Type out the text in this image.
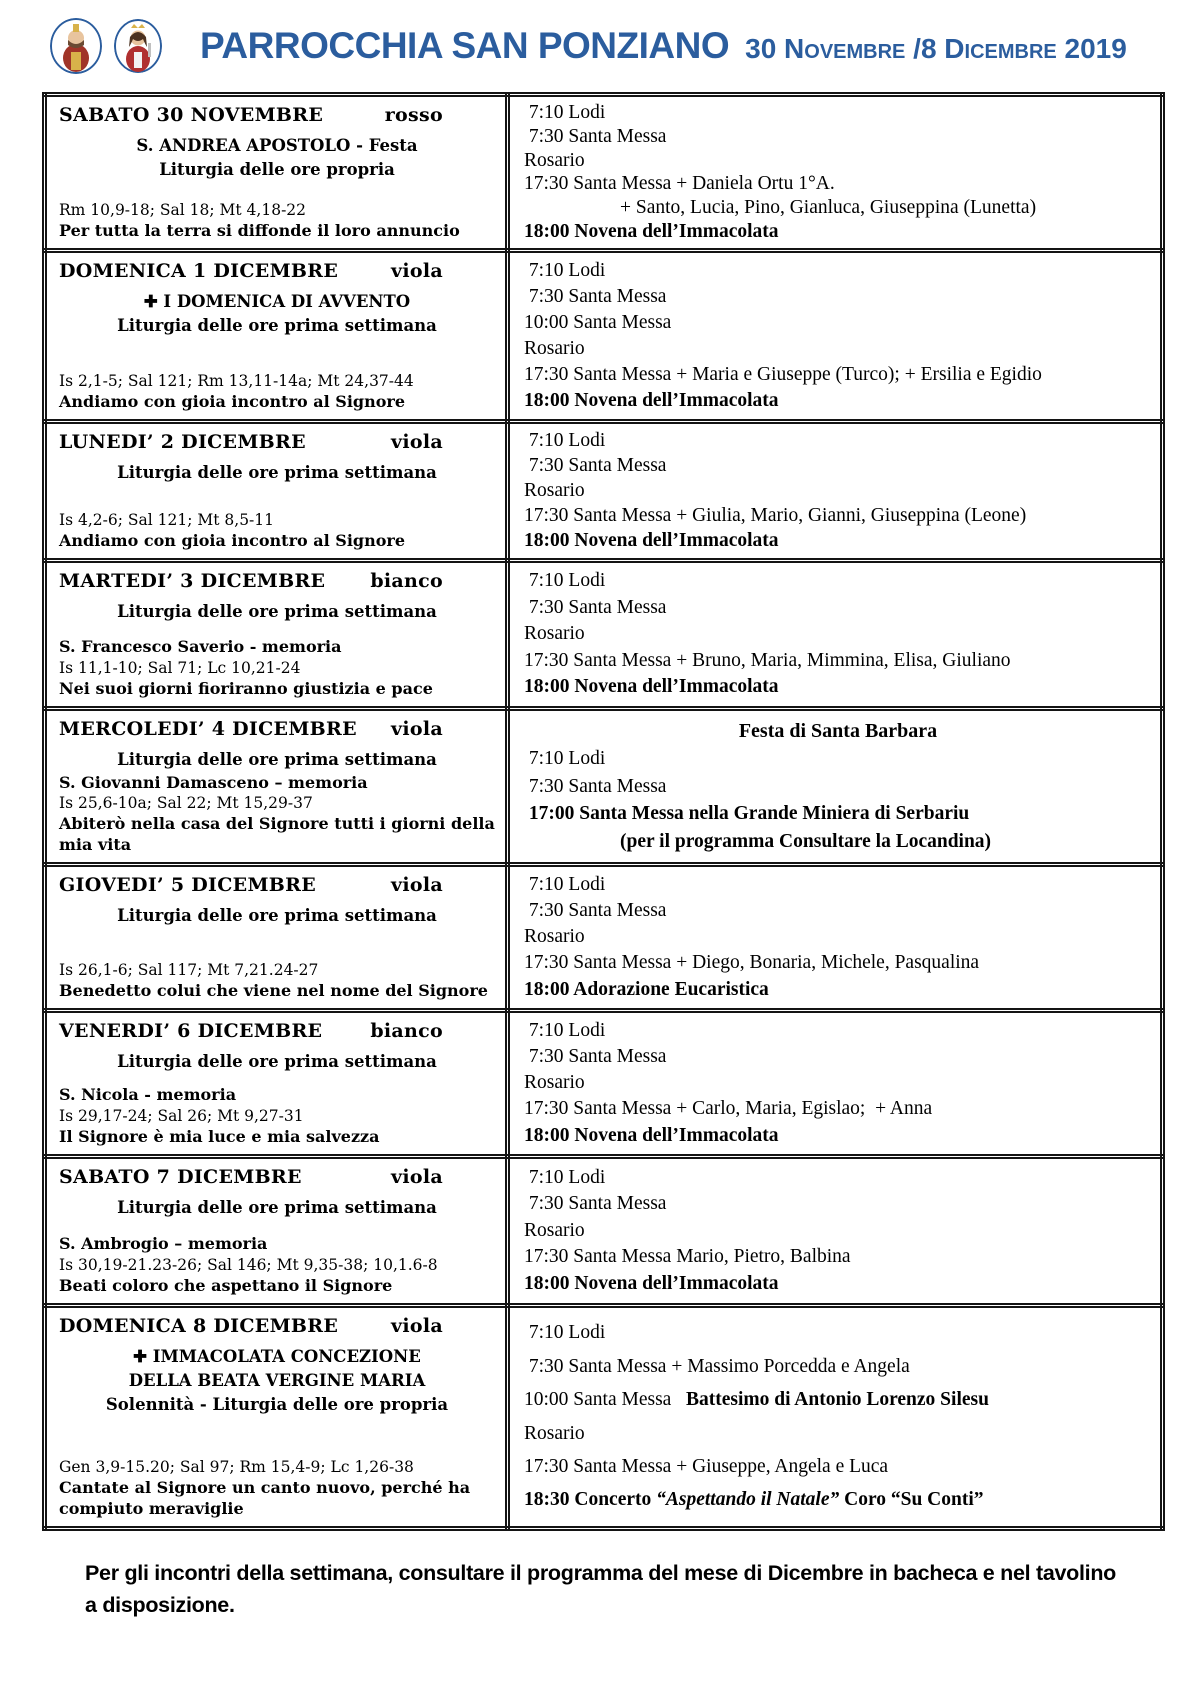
PARROCCHIA SAN PONZIANO 30 Novembre /8 Dicembre 2019
SABATO 30 NOVEMBRE	rosso
S. ANDREA APOSTOLO - Festa
Liturgia delle ore propria
Rm 10,9-18; Sal 18; Mt 4,18-22
Per tutta la terra si diffonde il loro annuncio

7:10 Lodi
7:30 Santa Messa
Rosario
17:30 Santa Messa + Daniela Ortu 1°A.
+ Santo, Lucia, Pino, Gianluca, Giuseppina (Lunetta)
18:00 Novena dell’Immacolata

DOMENICA 1 DICEMBRE	viola
✚ I DOMENICA DI AVVENTO
Liturgia delle ore prima settimana
Is 2,1-5; Sal 121; Rm 13,11-14a; Mt 24,37-44
Andiamo con gioia incontro al Signore

7:10 Lodi
7:30 Santa Messa
10:00 Santa Messa
Rosario
17:30 Santa Messa + Maria e Giuseppe (Turco); + Ersilia e Egidio
18:00 Novena dell’Immacolata

LUNEDI’ 2 DICEMBRE	viola
Liturgia delle ore prima settimana
Is 4,2-6; Sal 121; Mt 8,5-11
Andiamo con gioia incontro al Signore

7:10 Lodi
7:30 Santa Messa
Rosario
17:30 Santa Messa + Giulia, Mario, Gianni, Giuseppina (Leone)
18:00 Novena dell’Immacolata

MARTEDI’ 3 DICEMBRE bianco
Liturgia delle ore prima settimana
S. Francesco Saverio - memoria
Is 11,1-10; Sal 71; Lc 10,21-24
Nei suoi giorni fioriranno giustizia e pace

7:10 Lodi
7:30 Santa Messa
Rosario
17:30 Santa Messa + Bruno, Maria, Mimmina, Elisa, Giuliano
18:00 Novena dell’Immacolata

MERCOLEDI’ 4 DICEMBRE viola
Liturgia delle ore prima settimana
S. Giovanni Damasceno – memoria
Is 25,6-10a; Sal 22; Mt 15,29-37
Abiterò nella casa del Signore tutti i giorni della mia vita

Festa di Santa Barbara
7:10 Lodi
7:30 Santa Messa
17:00 Santa Messa nella Grande Miniera di Serbariu
(per il programma Consultare la Locandina)

GIOVEDI’ 5 DICEMBRE	viola
Liturgia delle ore prima settimana
Is 26,1-6; Sal 117; Mt 7,21.24-27
Benedetto colui che viene nel nome del Signore

7:10 Lodi
7:30 Santa Messa
Rosario
17:30 Santa Messa + Diego, Bonaria, Michele, Pasqualina
18:00 Adorazione Eucaristica

VENERDI’ 6 DICEMBRE	bianco
Liturgia delle ore prima settimana
S. Nicola - memoria
Is 29,17-24; Sal 26; Mt 9,27-31
Il Signore è mia luce e mia salvezza

7:10 Lodi
7:30 Santa Messa
Rosario
17:30 Santa Messa + Carlo, Maria, Egislao;  + Anna
18:00 Novena dell’Immacolata

SABATO 7 DICEMBRE	viola
Liturgia delle ore prima settimana
S. Ambrogio – memoria
Is 30,19-21.23-26; Sal 146; Mt 9,35-38; 10,1.6-8
Beati coloro che aspettano il Signore

7:10 Lodi
7:30 Santa Messa
Rosario
17:30 Santa Messa Mario, Pietro, Balbina
18:00 Novena dell’Immacolata

DOMENICA 8 DICEMBRE	viola
✚ IMMACOLATA CONCEZIONE
DELLA BEATA VERGINE MARIA
Solennità - Liturgia delle ore propria
Gen 3,9-15.20; Sal 97; Rm 15,4-9; Lc 1,26-38
Cantate al Signore un canto nuovo, perché ha compiuto meraviglie

7:10 Lodi
7:30 Santa Messa + Massimo Porcedda e Angela
10:00 Santa Messa   Battesimo di Antonio Lorenzo Silesu
Rosario
17:30 Santa Messa + Giuseppe, Angela e Luca
18:30 Concerto “Aspettando il Natale” Coro “Su Conti”
Per gli incontri della settimana, consultare il programma del mese di Dicembre in bacheca e nel tavolino a disposizione.
